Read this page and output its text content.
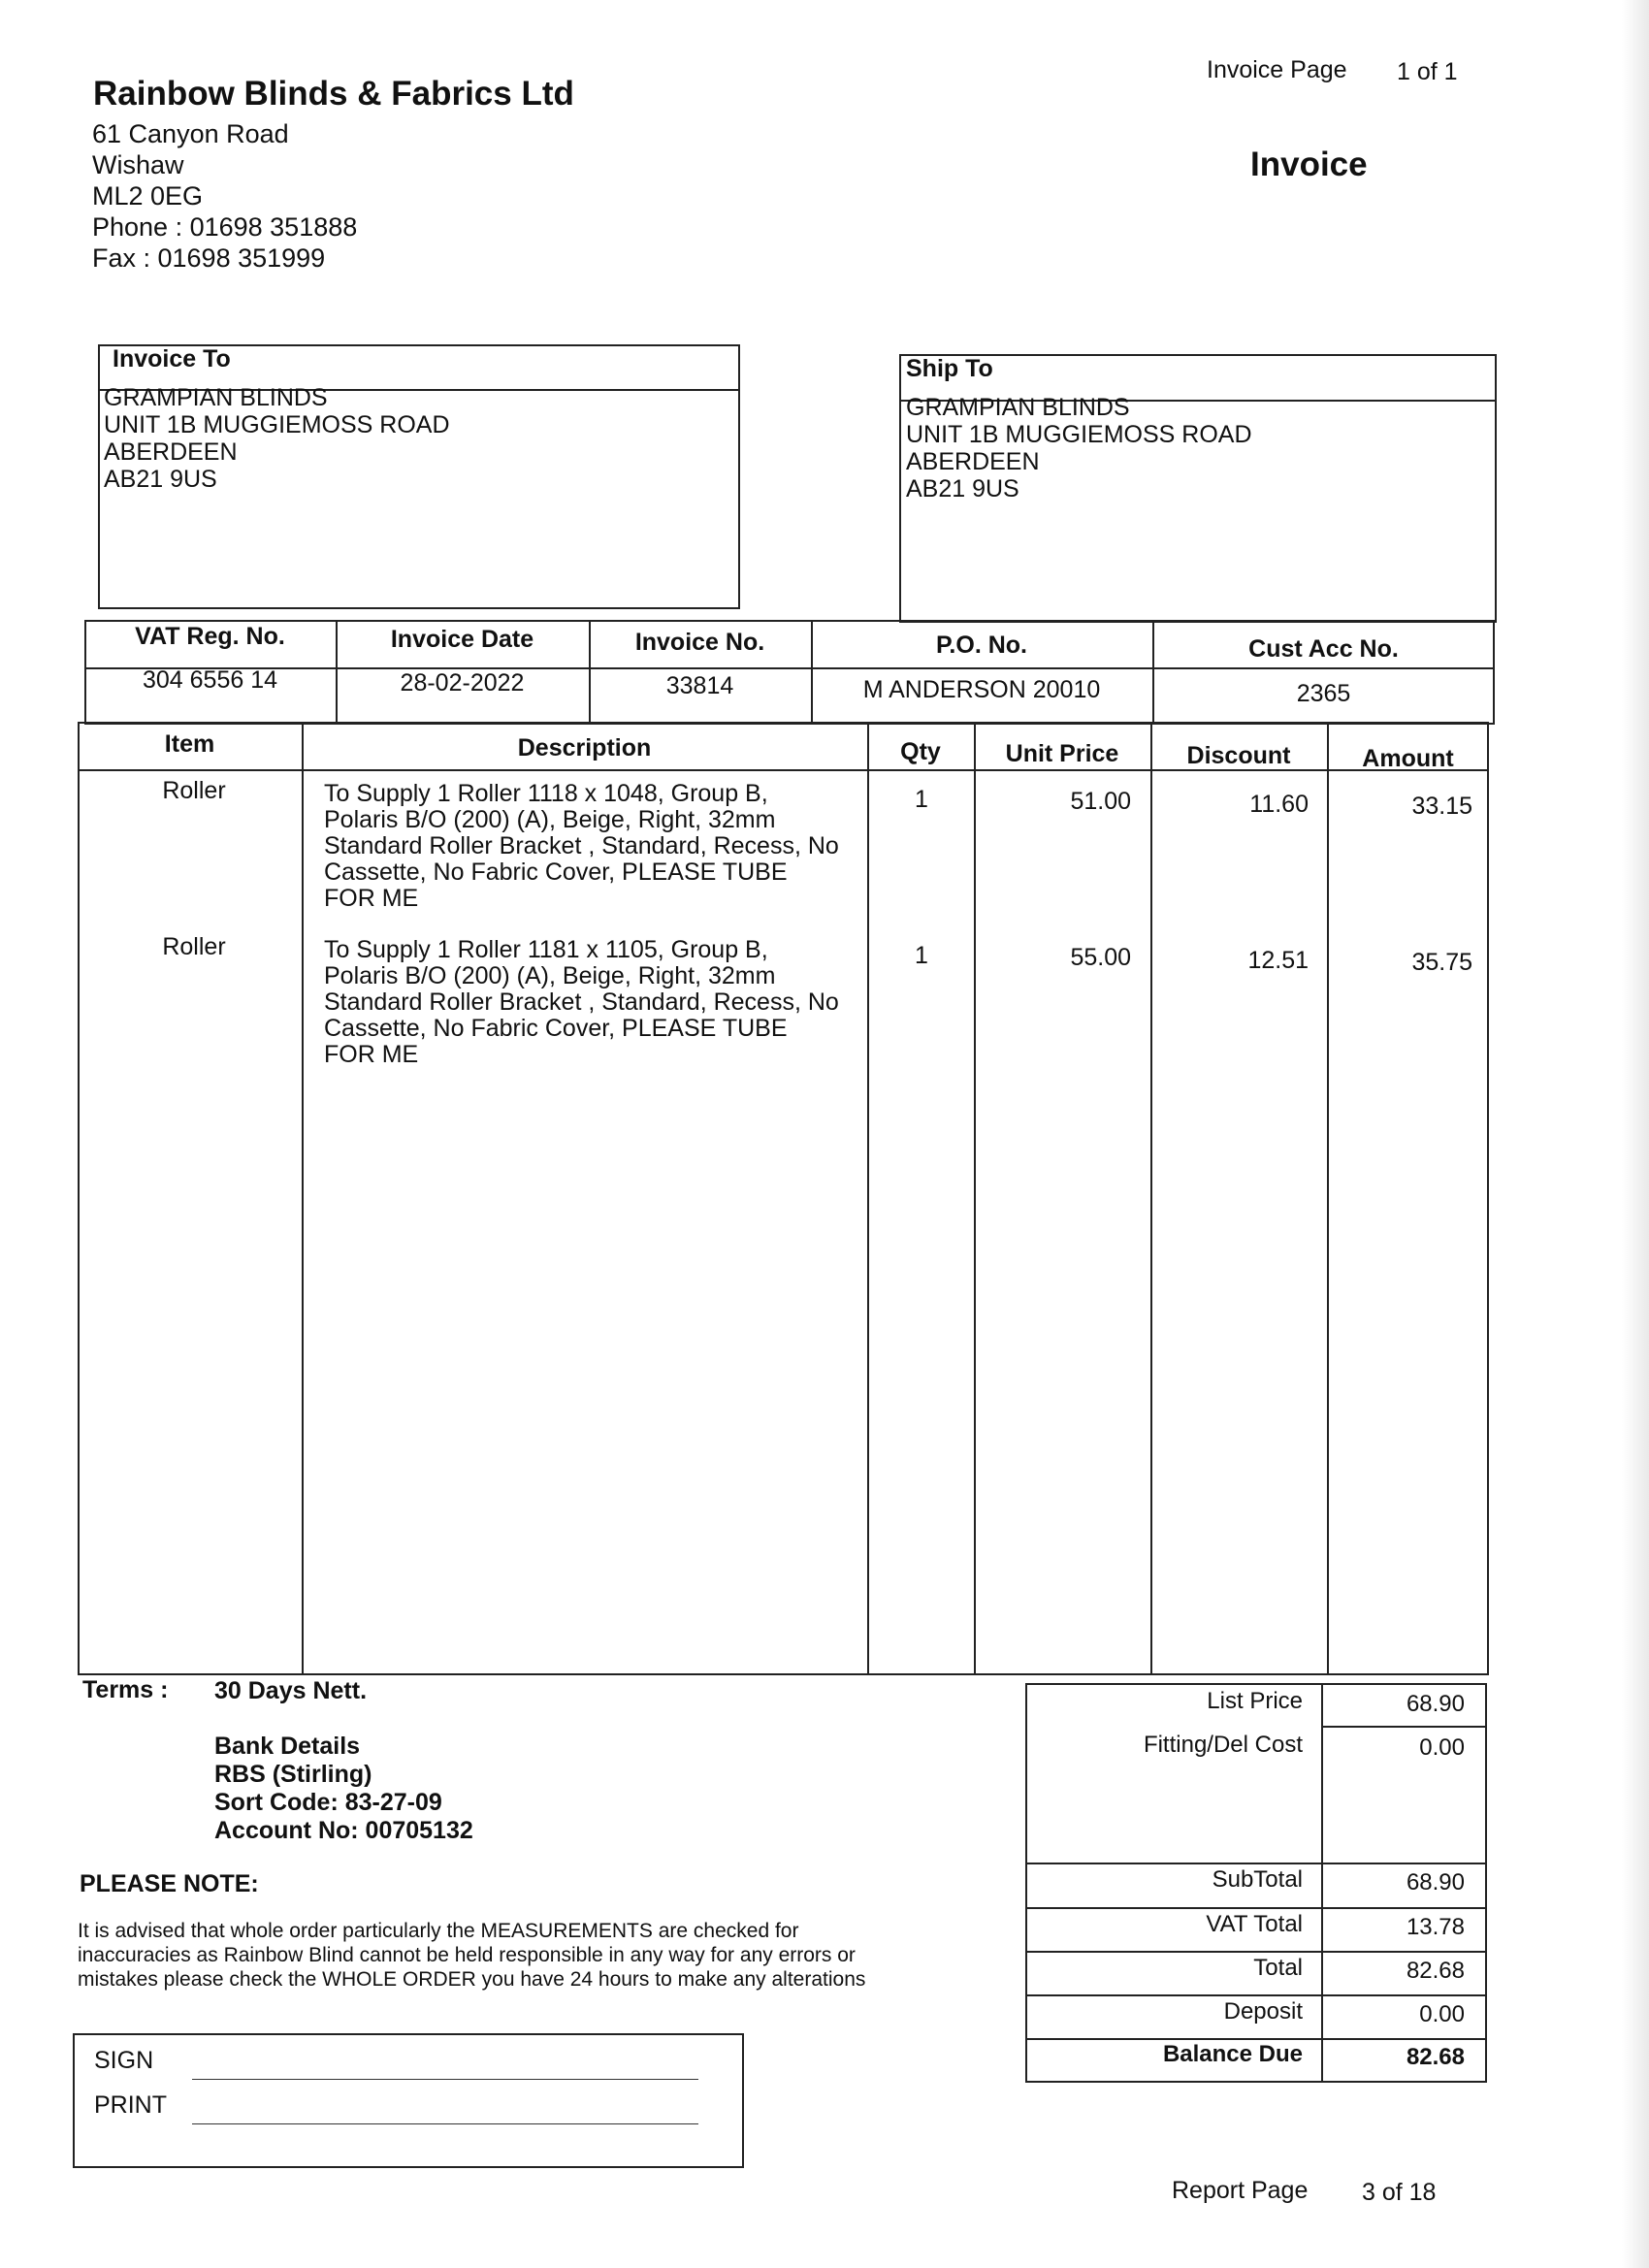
Invoice Page 1 of 1
Invoice
Rainbow Blinds & Fabrics Ltd
61 Canyon Road
Wishaw
ML2 0EG
Phone : 01698 351888
Fax : 01698 351999
Invoice To
GRAMPIAN BLINDS
UNIT 1B MUGGIEMOSS ROAD
ABERDEEN
AB21 9US
Ship To
GRAMPIAN BLINDS
UNIT 1B MUGGIEMOSS ROAD
ABERDEEN
AB21 9US
VAT Reg. No.	Invoice Date	Invoice No.	P.O. No.	Cust Acc No.
304 6556 14	28-02-2022	33814	M ANDERSON 20010	2365
Item	Description	Qty	Unit Price	Discount	Amount
Roller	To Supply 1 Roller 1118 x 1048, Group B,
Polaris B/O (200) (A), Beige, Right, 32mm
Standard Roller Bracket , Standard, Recess, No
Cassette, No Fabric Cover, PLEASE TUBE
FOR ME
1	51.00	11.60	33.15
Roller	To Supply 1 Roller 1181 x 1105, Group B,
Polaris B/O (200) (A), Beige, Right, 32mm
Standard Roller Bracket , Standard, Recess, No
Cassette, No Fabric Cover, PLEASE TUBE
FOR ME
1	55.00	12.51	35.75
Terms : 30 Days Nett.
Bank Details
RBS (Stirling)
Sort Code: 83-27-09
Account No: 00705132
PLEASE NOTE:
It is advised that whole order particularly the MEASUREMENTS are checked for
inaccuracies as Rainbow Blind cannot be held responsible in any way for any errors or
mistakes please check the WHOLE ORDER you have 24 hours to make any alterations
SIGN
PRINT
List Price	68.90
Fitting/Del Cost	0.00
SubTotal	68.90
VAT Total	13.78
Total	82.68
Deposit	0.00
Balance Due	82.68
Report Page 3 of 18
